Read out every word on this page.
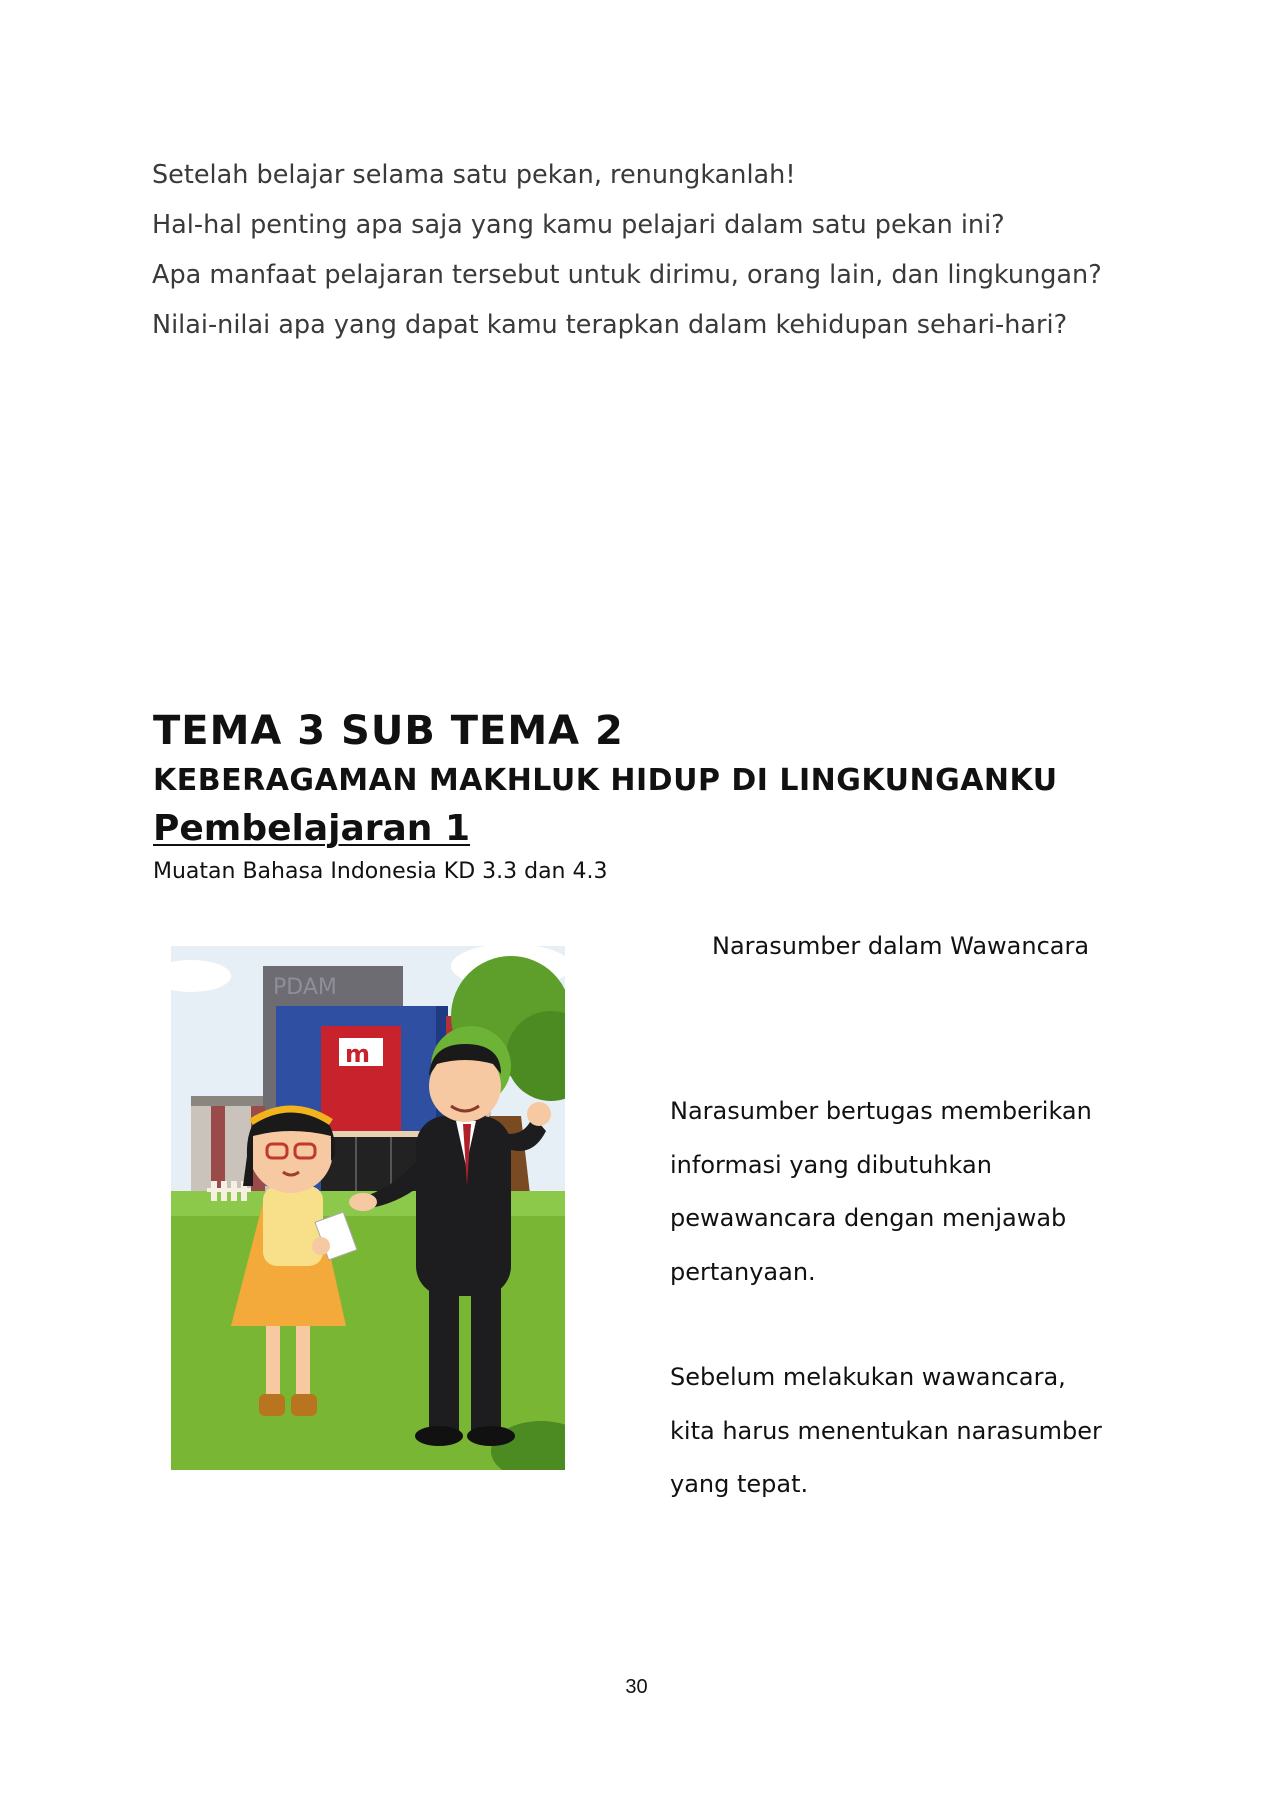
Setelah belajar selama satu pekan, renungkanlah!

Hal-hal penting apa saja yang kamu pelajari dalam satu pekan ini?

Apa manfaat pelajaran tersebut untuk dirimu, orang lain, dan lingkungan?

Nilai-nilai apa yang dapat kamu terapkan dalam kehidupan sehari-hari?

TEMA 3 SUB TEMA 2
KEBERAGAMAN MAKHLUK HIDUP DI LINGKUNGANKU
Pembelajaran 1

Muatan Bahasa Indonesia KD 3.3 dan 4.3

PDAM
m

Narasumber dalam Wawancara

Narasumber bertugas memberikan

informasi yang dibutuhkan

pewawancara dengan menjawab

pertanyaan.

Sebelum melakukan wawancara,

kita harus menentukan narasumber

yang tepat.

30
